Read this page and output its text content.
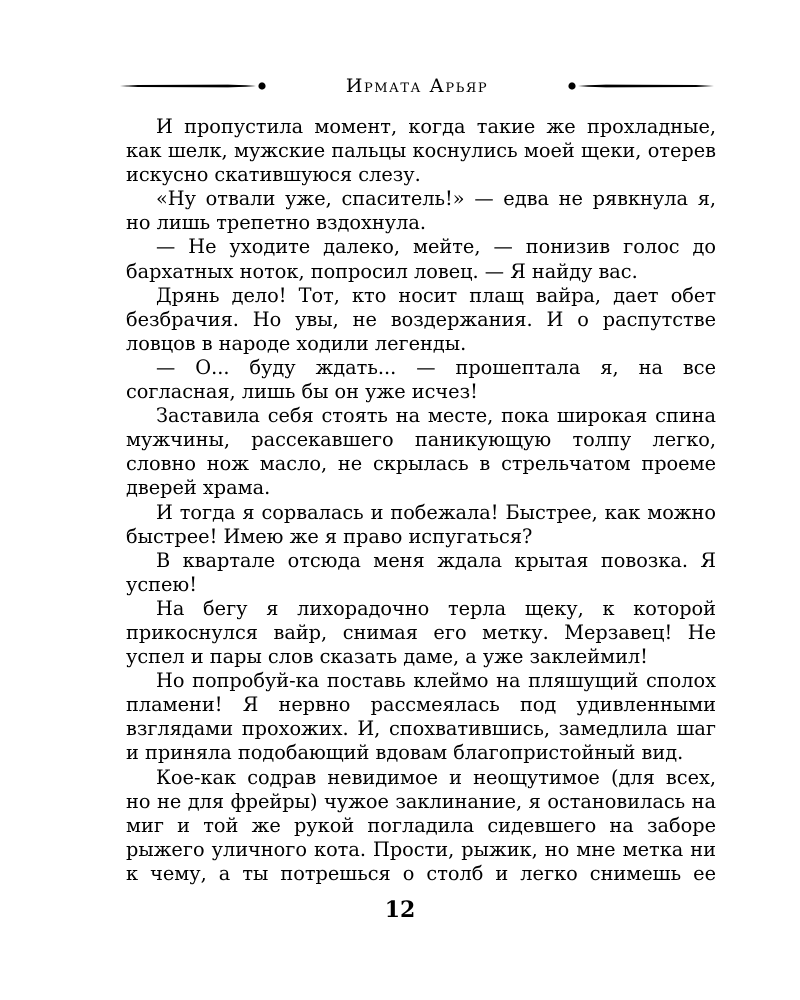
Ирмата Арьяр

И пропустила момент, когда такие же прохладные, как шелк, мужские пальцы коснулись моей щеки, отерев искусно скатившуюся слезу.

«Ну отвали уже, спаситель!» — едва не рявкнула я, но лишь трепетно вздохнула.

— Не уходите далеко, мейте, — понизив голос до бархатных ноток, попросил ловец. — Я найду вас.

Дрянь дело! Тот, кто носит плащ вайра, дает обет безбрачия. Но увы, не воздержания. И о распутстве ловцов в народе ходили легенды.

— О... буду ждать... — прошептала я, на все согласная, лишь бы он уже исчез!

Заставила себя стоять на месте, пока широкая спина мужчины, рассекавшего паникующую толпу легко, словно нож масло, не скрылась в стрельчатом проеме дверей храма.

И тогда я сорвалась и побежала! Быстрее, как можно быстрее! Имею же я право испугаться?

В квартале отсюда меня ждала крытая повозка. Я успею!

На бегу я лихорадочно терла щеку, к которой прикоснулся вайр, снимая его метку. Мерзавец! Не успел и пары слов сказать даме, а уже заклеймил!

Но попробуй-ка поставь клеймо на пляшущий сполох пламени! Я нервно рассмеялась под удивленными взглядами прохожих. И, спохватившись, замедлила шаг и приняла подобающий вдовам благопристойный вид.

Кое-как содрав невидимое и неощутимое (для всех, но не для фрейры) чужое заклинание, я остановилась на миг и той же рукой погладила сидевшего на заборе рыжего уличного кота. Прости, рыжик, но мне метка ни к чему, а ты потрешься о столб и легко снимешь ее

12
